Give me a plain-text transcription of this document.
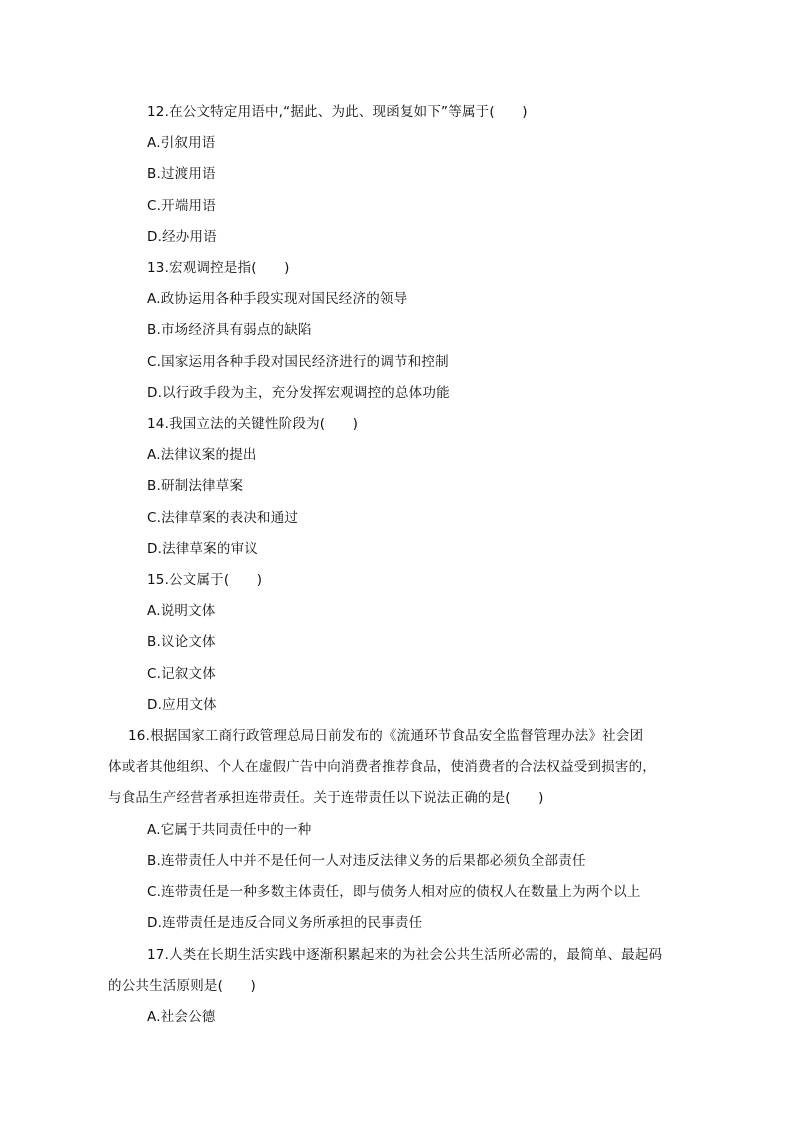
12.在公文特定用语中,“据此、为此、现函复如下”等属于(　　)
A.引叙用语
B.过渡用语
C.开端用语
D.经办用语
13.宏观调控是指(　　)
A.政协运用各种手段实现对国民经济的领导
B.市场经济具有弱点的缺陷
C.国家运用各种手段对国民经济进行的调节和控制
D.以行政手段为主，充分发挥宏观调控的总体功能
14.我国立法的关键性阶段为(　　)
A.法律议案的提出
B.研制法律草案
C.法律草案的表决和通过
D.法律草案的审议
15.公文属于(　　)
A.说明文体
B.议论文体
C.记叙文体
D.应用文体
16.根据国家工商行政管理总局日前发布的《流通环节食品安全监督管理办法》社会团
体或者其他组织、个人在虚假广告中向消费者推荐食品，使消费者的合法权益受到损害的，
与食品生产经营者承担连带责任。关于连带责任以下说法正确的是(　　)
A.它属于共同责任中的一种
B.连带责任人中并不是任何一人对违反法律义务的后果都必须负全部责任
C.连带责任是一种多数主体责任，即与债务人相对应的债权人在数量上为两个以上
D.连带责任是违反合同义务所承担的民事责任
17.人类在长期生活实践中逐渐积累起来的为社会公共生活所必需的，最简单、最起码
的公共生活原则是(　　)
A.社会公德
